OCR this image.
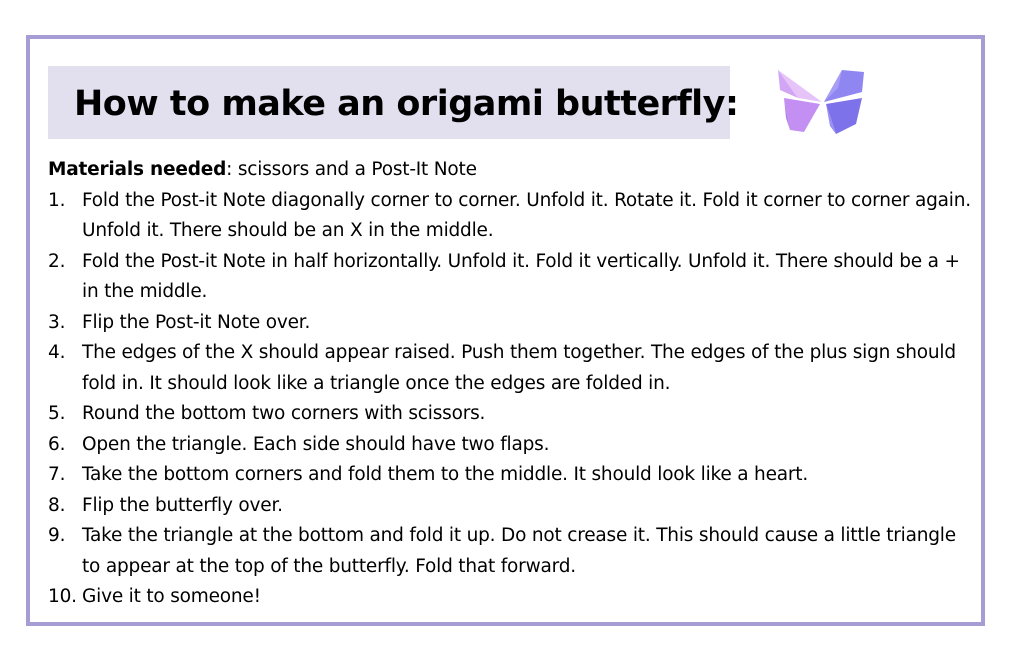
How to make an origami butterfly:

Materials needed: scissors and a Post-It Note

1. Fold the Post-it Note diagonally corner to corner. Unfold it. Rotate it. Fold it corner to corner again. Unfold it. There should be an X in the middle.
2. Fold the Post-it Note in half horizontally. Unfold it. Fold it vertically. Unfold it. There should be a + in the middle.
3. Flip the Post-it Note over.
4. The edges of the X should appear raised. Push them together. The edges of the plus sign should fold in. It should look like a triangle once the edges are folded in.
5. Round the bottom two corners with scissors.
6. Open the triangle. Each side should have two flaps.
7. Take the bottom corners and fold them to the middle. It should look like a heart.
8. Flip the butterfly over.
9. Take the triangle at the bottom and fold it up. Do not crease it. This should cause a little triangle to appear at the top of the butterfly. Fold that forward.
10. Give it to someone!
